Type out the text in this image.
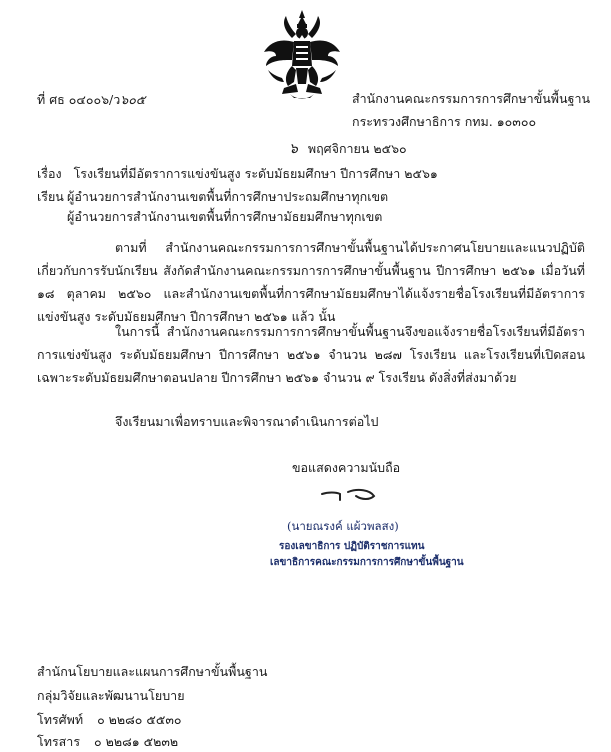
ที่ ศธ ๐๔๐๐๖/ว๖๐๕	สำนักงานคณะกรรมการการศึกษาขั้นพื้นฐาน
กระทรวงศึกษาธิการ กทม. ๑๐๓๐๐
๖ พฤศจิกายน ๒๕๖๐
เรื่อง โรงเรียนที่มีอัตราการแข่งขันสูง ระดับมัธยมศึกษา ปีการศึกษา ๒๕๖๑
เรียน ผู้อำนวยการสำนักงานเขตพื้นที่การศึกษาประถมศึกษาทุกเขต
ผู้อำนวยการสำนักงานเขตพื้นที่การศึกษามัธยมศึกษาทุกเขต
ตามที่ สำนักงานคณะกรรมการการศึกษาขั้นพื้นฐานได้ประกาศนโยบายและแนวปฏิบัติเกี่ยวกับการรับนักเรียน สังกัดสำนักงานคณะกรรมการการศึกษาขั้นพื้นฐาน ปีการศึกษา ๒๕๖๑ เมื่อวันที่ ๑๘ ตุลาคม ๒๕๖๐ และสำนักงานเขตพื้นที่การศึกษามัธยมศึกษาได้แจ้งรายชื่อโรงเรียนที่มีอัตราการแข่งขันสูง ระดับมัธยมศึกษา ปีการศึกษา ๒๕๖๑ แล้ว นั้น
ในการนี้ สำนักงานคณะกรรมการการศึกษาขั้นพื้นฐานจึงขอแจ้งรายชื่อโรงเรียนที่มีอัตราการแข่งขันสูง ระดับมัธยมศึกษา ปีการศึกษา ๒๕๖๑ จำนวน ๒๘๗ โรงเรียน และโรงเรียนที่เปิดสอนเฉพาะระดับมัธยมศึกษาตอนปลาย ปีการศึกษา ๒๕๖๑ จำนวน ๙ โรงเรียน ดังสิ่งที่ส่งมาด้วย
จึงเรียนมาเพื่อทราบและพิจารณาดำเนินการต่อไป
ขอแสดงความนับถือ
(นายณรงค์ แผ้วพลสง)
รองเลขาธิการ ปฏิบัติราชการแทน
เลขาธิการคณะกรรมการการศึกษาขั้นพื้นฐาน
สำนักนโยบายและแผนการศึกษาขั้นพื้นฐาน
กลุ่มวิจัยและพัฒนานโยบาย
โทรศัพท์ ๐ ๒๒๘๐ ๕๕๓๐
โทรสาร ๐ ๒๒๘๑ ๕๒๓๒
